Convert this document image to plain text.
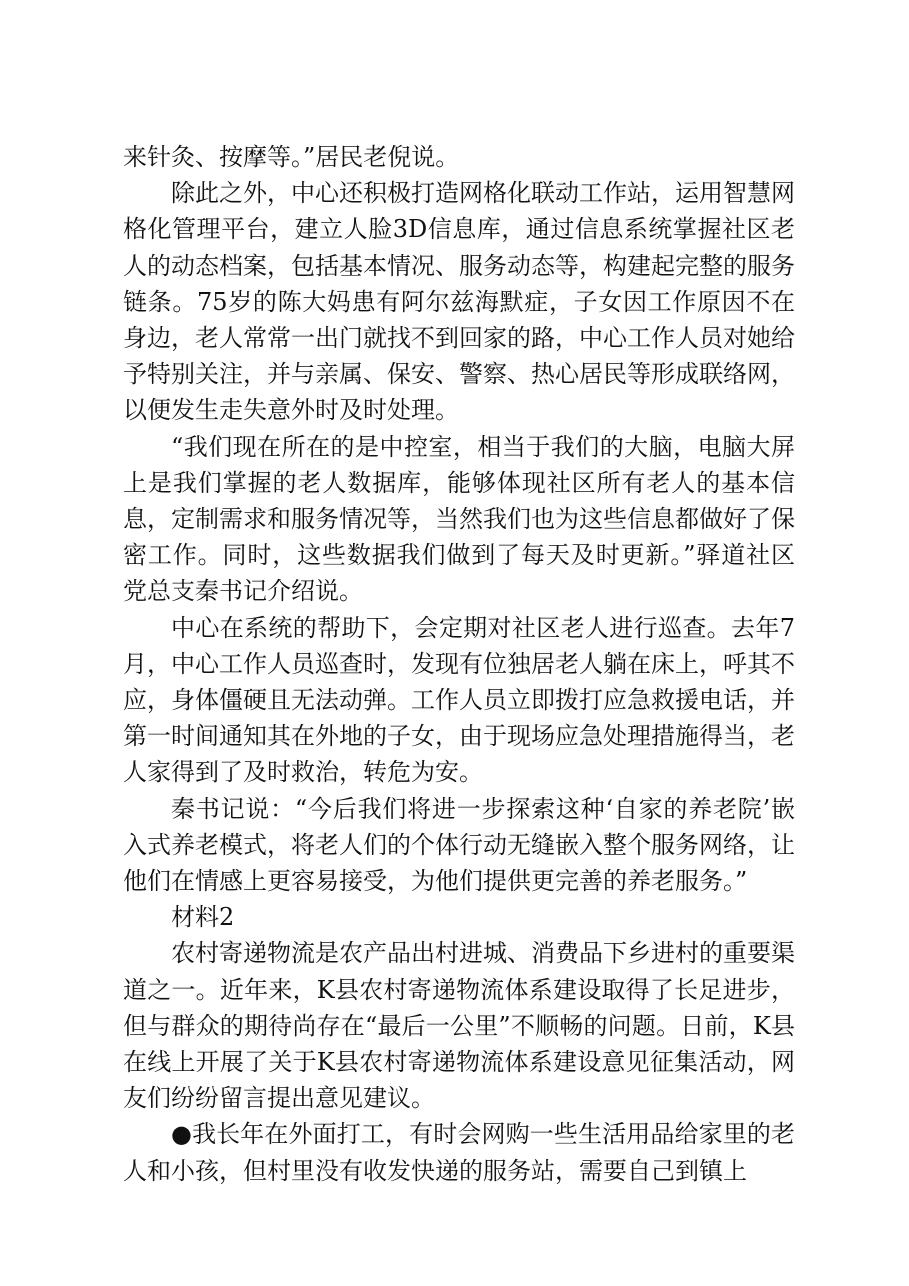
来针灸、按摩等。”居民老倪说。

除此之外，中心还积极打造网格化联动工作站，运用智慧网格化管理平台，建立人脸3D信息库，通过信息系统掌握社区老人的动态档案，包括基本情况、服务动态等，构建起完整的服务链条。75岁的陈大妈患有阿尔兹海默症，子女因工作原因不在身边，老人常常一出门就找不到回家的路，中心工作人员对她给予特别关注，并与亲属、保安、警察、热心居民等形成联络网，以便发生走失意外时及时处理。

“我们现在所在的是中控室，相当于我们的大脑，电脑大屏上是我们掌握的老人数据库，能够体现社区所有老人的基本信息，定制需求和服务情况等，当然我们也为这些信息都做好了保密工作。同时，这些数据我们做到了每天及时更新。”驿道社区党总支秦书记介绍说。

中心在系统的帮助下，会定期对社区老人进行巡查。去年7月，中心工作人员巡查时，发现有位独居老人躺在床上，呼其不应，身体僵硬且无法动弹。工作人员立即拨打应急救援电话，并第一时间通知其在外地的子女，由于现场应急处理措施得当，老人家得到了及时救治，转危为安。

秦书记说：“今后我们将进一步探索这种‘自家的养老院’嵌入式养老模式，将老人们的个体行动无缝嵌入整个服务网络，让他们在情感上更容易接受，为他们提供更完善的养老服务。”

材料2

农村寄递物流是农产品出村进城、消费品下乡进村的重要渠道之一。近年来，K县农村寄递物流体系建设取得了长足进步，但与群众的期待尚存在“最后一公里”不顺畅的问题。日前，K县在线上开展了关于K县农村寄递物流体系建设意见征集活动，网友们纷纷留言提出意见建议。

●我长年在外面打工，有时会网购一些生活用品给家里的老人和小孩，但村里没有收发快递的服务站，需要自己到镇上
